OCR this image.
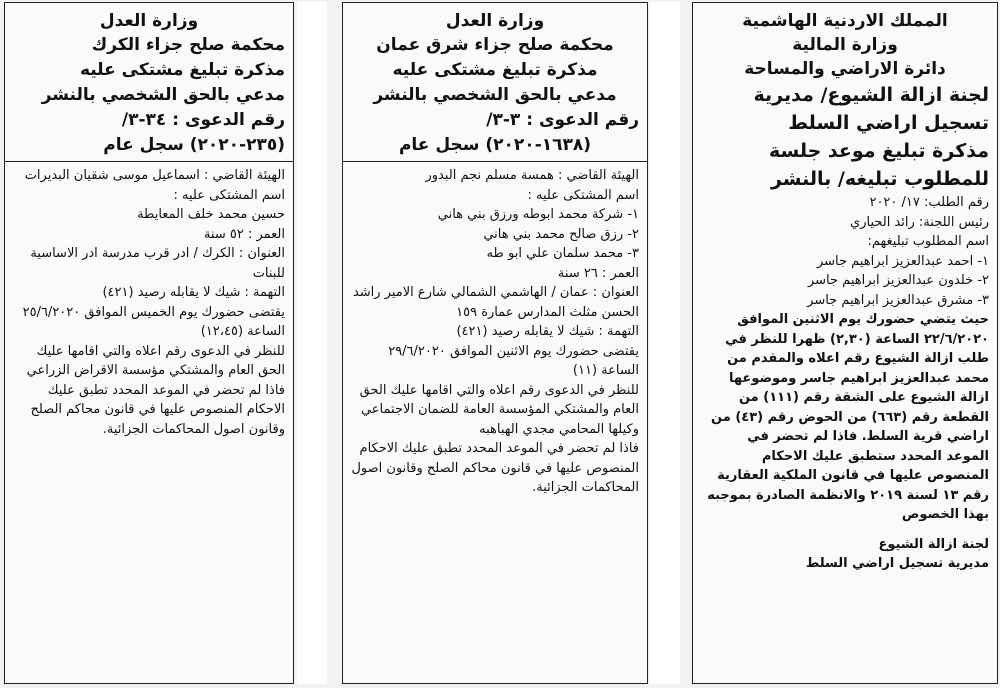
المملك الاردنية الهاشمية

وزارة المالية

دائرة الاراضي والمساحة

لجنة ازالة الشيوع/ مديرية

تسجيل اراضي السلط

مذكرة تبليغ موعد جلسة

للمطلوب تبليغه/ بالنشر

رقم الطلب: ١٧/ ٢٠٢٠

رئيس اللجنة: رائد الحياري

اسم المطلوب تبليغهم:

١- احمد عبدالعزيز ابراهيم جاسر
٢- خلدون عبدالعزيز ابراهيم جاسر
٣- مشرق عبدالعزيز ابراهيم جاسر

حيث يتضي حضورك يوم الاثنين الموافق ٢٢/٦/٢٠٢٠ الساعة (٢,٣٠) ظهرا للنظر في طلب ازالة الشيوع رقم اعلاه والمقدم من محمد عبدالعزيز ابراهيم جاسر وموضوعها ازالة الشيوع على الشقة رقم (١١١) من القطعة رقم (٦٦٣) من الحوض رقم (٤٣) من اراضي قرية السلط. فاذا لم تحضر في الموعد المحدد ستطبق عليك الاحكام المنصوص عليها في قانون الملكية العقارية رقم ١٣ لسنة ٢٠١٩ والانظمة الصادرة بموجبه بهذا الخصوص

لجنة ازالة الشيوع

مديرية تسجيل اراضي السلط

وزارة العدل

محكمة صلح جزاء شرق عمان

مذكرة تبليغ مشتكى عليه

مدعي بالحق الشخصي بالنشر

رقم الدعوى : ٣-٣/

(١٦٣٨-٢٠٢٠) سجل عام

الهيئة القاضي : همسة مسلم نجم البدور

اسم المشتكى عليه :

١- شركة محمد ابوطه ورزق بني هاني
٢- رزق صالح محمد بني هاني
٣- محمد سلمان علي ابو طه

العمر : ٢٦ سنة

العنوان : عمان / الهاشمي الشمالي شارع الامير راشد الحسن مثلث المدارس عمارة ١٥٩

التهمة : شيك لا يقابله رصيد (٤٢١)

يقتضى حضورك يوم الاثنين الموافق ٢٩/٦/٢٠٢٠ الساعة (١١)

للنظر في الدعوى رقم اعلاه والتي اقامها عليك الحق العام والمشتكي المؤسسة العامة للضمان الاجتماعي وكيلها المحامي مجدي الهباهبه

فاذا لم تحضر في الموعد المحدد تطبق عليك الاحكام المنصوص عليها في قانون محاكم الصلح وقانون اصول المحاكمات الجزائية.

وزارة العدل

محكمة صلح جزاء الكرك

مذكرة تبليغ مشتكى عليه

مدعي بالحق الشخصي بالنشر

رقم الدعوى : ٣٤-٣/

(٢٣٥-٢٠٢٠) سجل عام

الهيئة القاضي : اسماعيل موسى شقيان البديرات

اسم المشتكى عليه :

حسين محمد خلف المعايطة

العمر : ٥٢ سنة

العنوان : الكرك / ادر قرب مدرسة ادر الاساسية للبنات

التهمة : شيك لا يقابله رصيد (٤٢١)

يقتضى حضورك يوم الخميس الموافق ٢٥/٦/٢٠٢٠ الساعة (١٢،٤٥)

للنظر في الدعوى رقم اعلاه والتي اقامها عليك الحق العام والمشتكي مؤسسة الاقراض الزراعي

فاذا لم تحضر في الموعد المحدد تطبق عليك الاحكام المنصوص عليها في قانون محاكم الصلح وقانون اصول المحاكمات الجزائية.
